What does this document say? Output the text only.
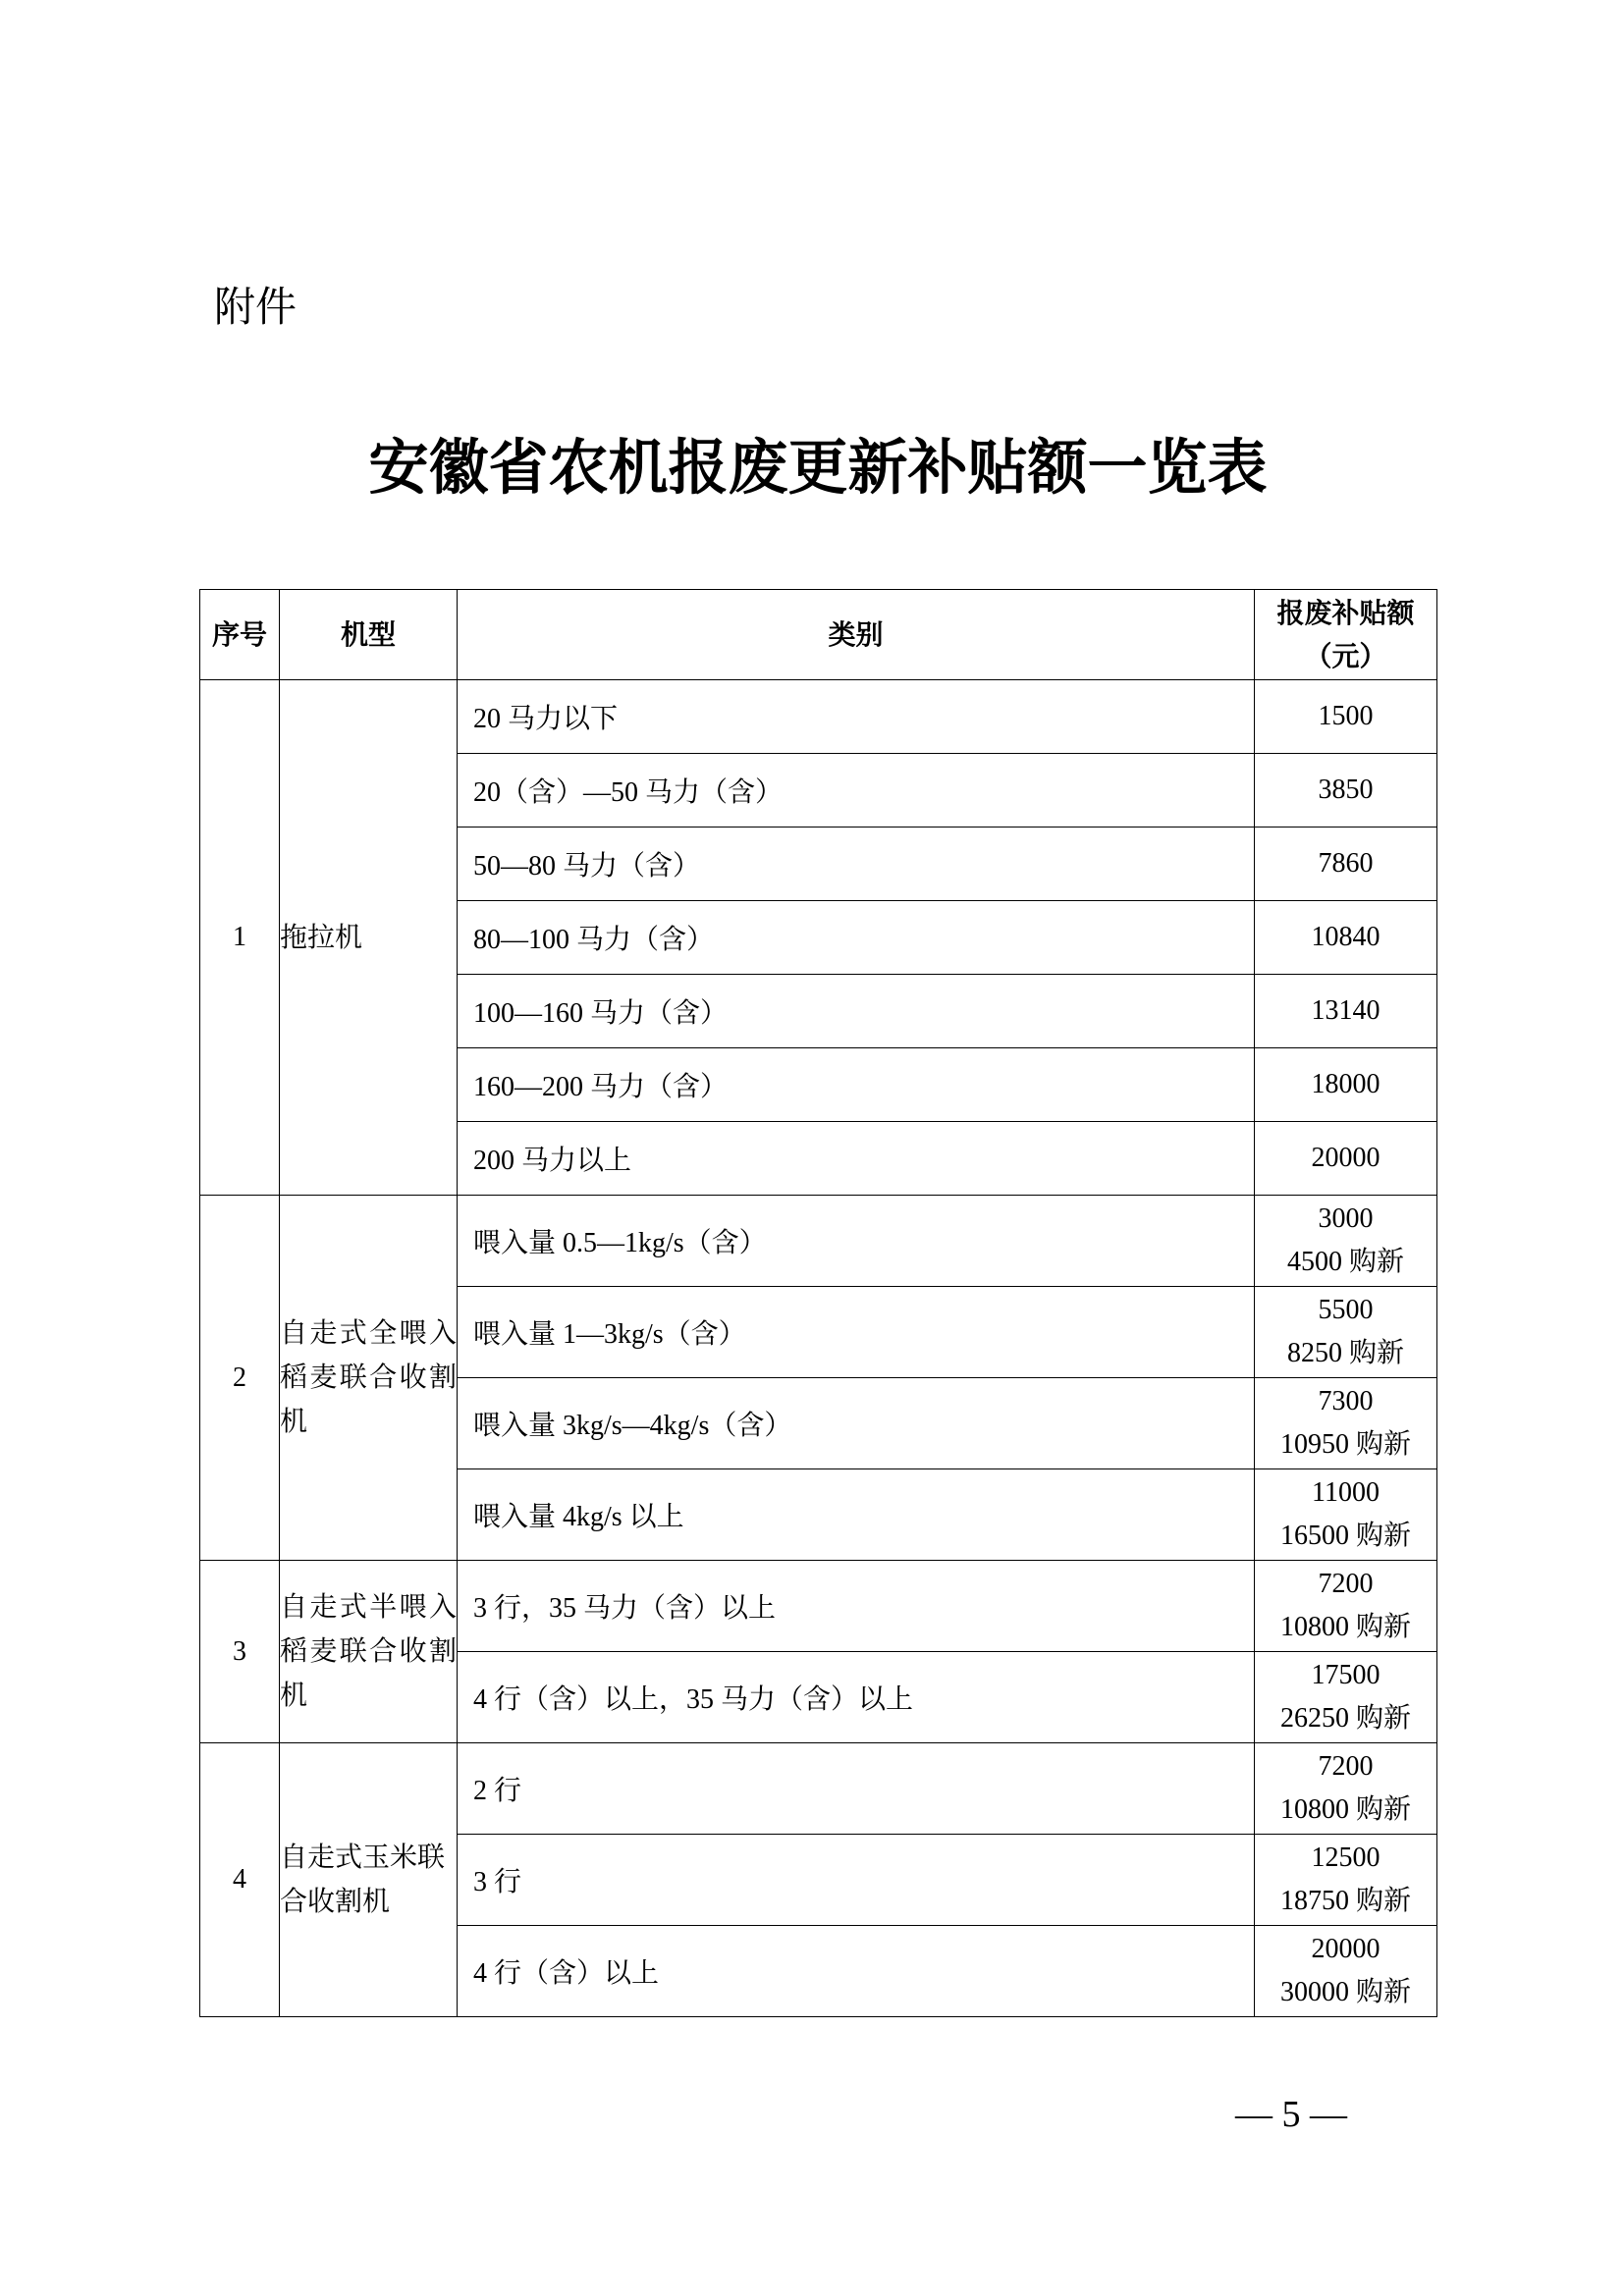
附件
安徽省农机报废更新补贴额一览表
序号	机型	类别	报废补贴额
（元）

1	拖拉机	20 马力以下	1500
		20（含）—50 马力（含）	3850
		50—80 马力（含）	7860
		80—100 马力（含）	10840
		100—160 马力（含）	13140
		160—200 马力（含）	18000
		200 马力以上	20000
2	自走式全喂入稻麦联合收割机	喂入量 0.5—1kg/s（含）	3000
4500 购新

		喂入量 1—3kg/s（含）	5500
8250 购新

		喂入量 3kg/s—4kg/s（含）	7300
10950 购新

		喂入量 4kg/s 以上	11000
16500 购新

3	自走式半喂入稻麦联合收割机	3 行，35 马力（含）以上	7200
10800 购新

		4 行（含）以上，35 马力（含）以上	17500
26250 购新

4	自走式玉米联合收割机	2 行	7200
10800 购新

		3 行	12500
18750 购新

		4 行（含）以上	20000
30000 购新
— 5 —
